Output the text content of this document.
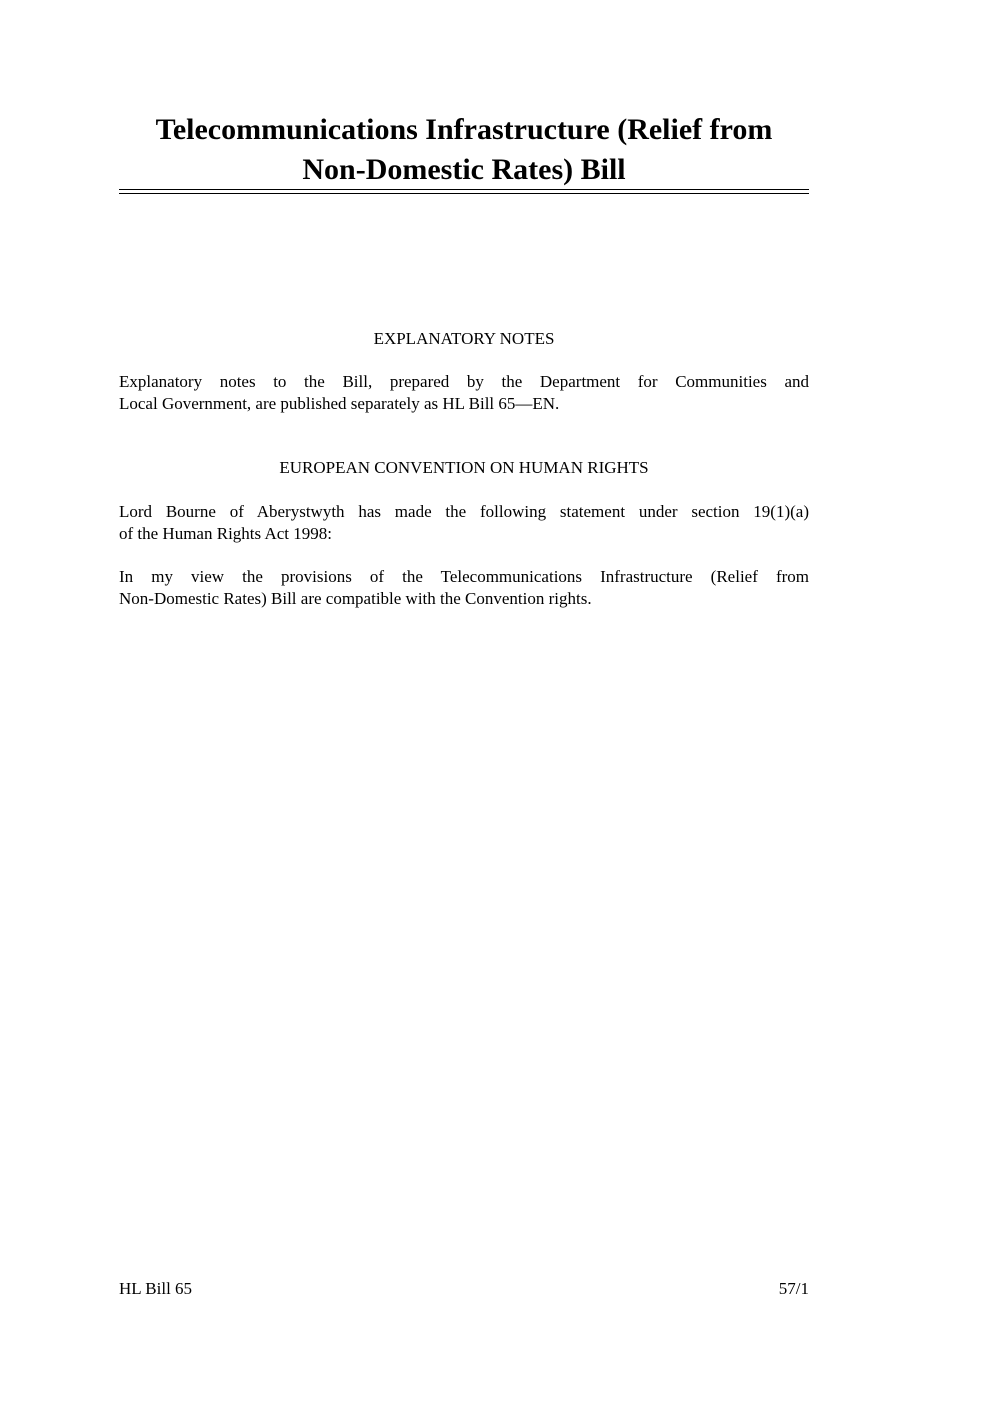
Telecommunications Infrastructure (Relief from
Non-Domestic Rates) Bill
EXPLANATORY NOTES
Explanatory notes to the Bill, prepared by the Department for Communities and
Local Government, are published separately as HL Bill 65—EN.
EUROPEAN CONVENTION ON HUMAN RIGHTS
Lord Bourne of Aberystwyth has made the following statement under section 19(1)(a)
of the Human Rights Act 1998:
In my view the provisions of the Telecommunications Infrastructure (Relief from
Non-Domestic Rates) Bill are compatible with the Convention rights.
HL Bill 65	57/1
